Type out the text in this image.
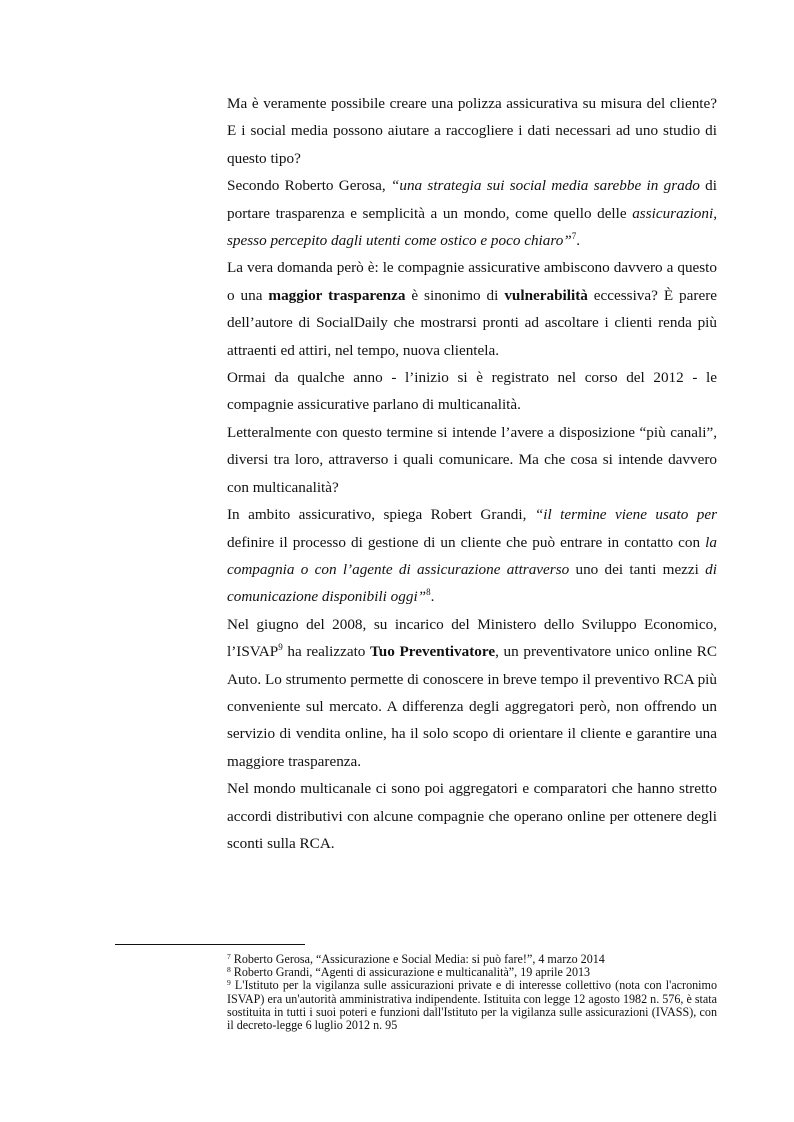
Ma è veramente possibile creare una polizza assicurativa su misura del cliente? E i social media possono aiutare a raccogliere i dati necessari ad uno studio di questo tipo?

Secondo Roberto Gerosa, “una strategia sui social media sarebbe in grado di portare trasparenza e semplicità a un mondo, come quello delle assicurazioni, spesso percepito dagli utenti come ostico e poco chiaro”$^7$.

La vera domanda però è: le compagnie assicurative ambiscono davvero a questo o una maggior trasparenza è sinonimo di vulnerabilità eccessiva? È parere dell’autore di SocialDaily che mostrarsi pronti ad ascoltare i clienti renda più attraenti ed attiri, nel tempo, nuova clientela.

Ormai da qualche anno - l’inizio si è registrato nel corso del 2012 - le compagnie assicurative parlano di multicanalità.

Letteralmente con questo termine si intende l’avere a disposizione “più canali”, diversi tra loro, attraverso i quali comunicare. Ma che cosa si intende davvero con multicanalità?

In ambito assicurativo, spiega Robert Grandi, “il termine viene usato per definire il processo di gestione di un cliente che può entrare in contatto con la compagnia o con l’agente di assicurazione attraverso uno dei tanti mezzi di comunicazione disponibili oggi”$^8$.

Nel giugno del 2008, su incarico del Ministero dello Sviluppo Economico, l’ISVAP$^9$ ha realizzato Tuo Preventivatore, un preventivatore unico online RC Auto. Lo strumento permette di conoscere in breve tempo il preventivo RCA più conveniente sul mercato. A differenza degli aggregatori però, non offrendo un servizio di vendita online, ha il solo scopo di orientare il cliente e garantire una maggiore trasparenza.

Nel mondo multicanale ci sono poi aggregatori e comparatori che hanno stretto accordi distributivi con alcune compagnie che operano online per ottenere degli sconti sulla RCA.

$^7$ Roberto Gerosa, “Assicurazione e Social Media: si può fare!”, 4 marzo 2014

$^8$ Roberto Grandi, “Agenti di assicurazione e multicanalità”, 19 aprile 2013

$^9$ L'Istituto per la vigilanza sulle assicurazioni private e di interesse collettivo (nota con l'acronimo ISVAP) era un'autorità amministrativa indipendente. Istituita con legge 12 agosto 1982 n. 576, è stata sostituita in tutti i suoi poteri e funzioni dall'Istituto per la vigilanza sulle assicurazioni (IVASS), con il decreto-legge 6 luglio 2012 n. 95
